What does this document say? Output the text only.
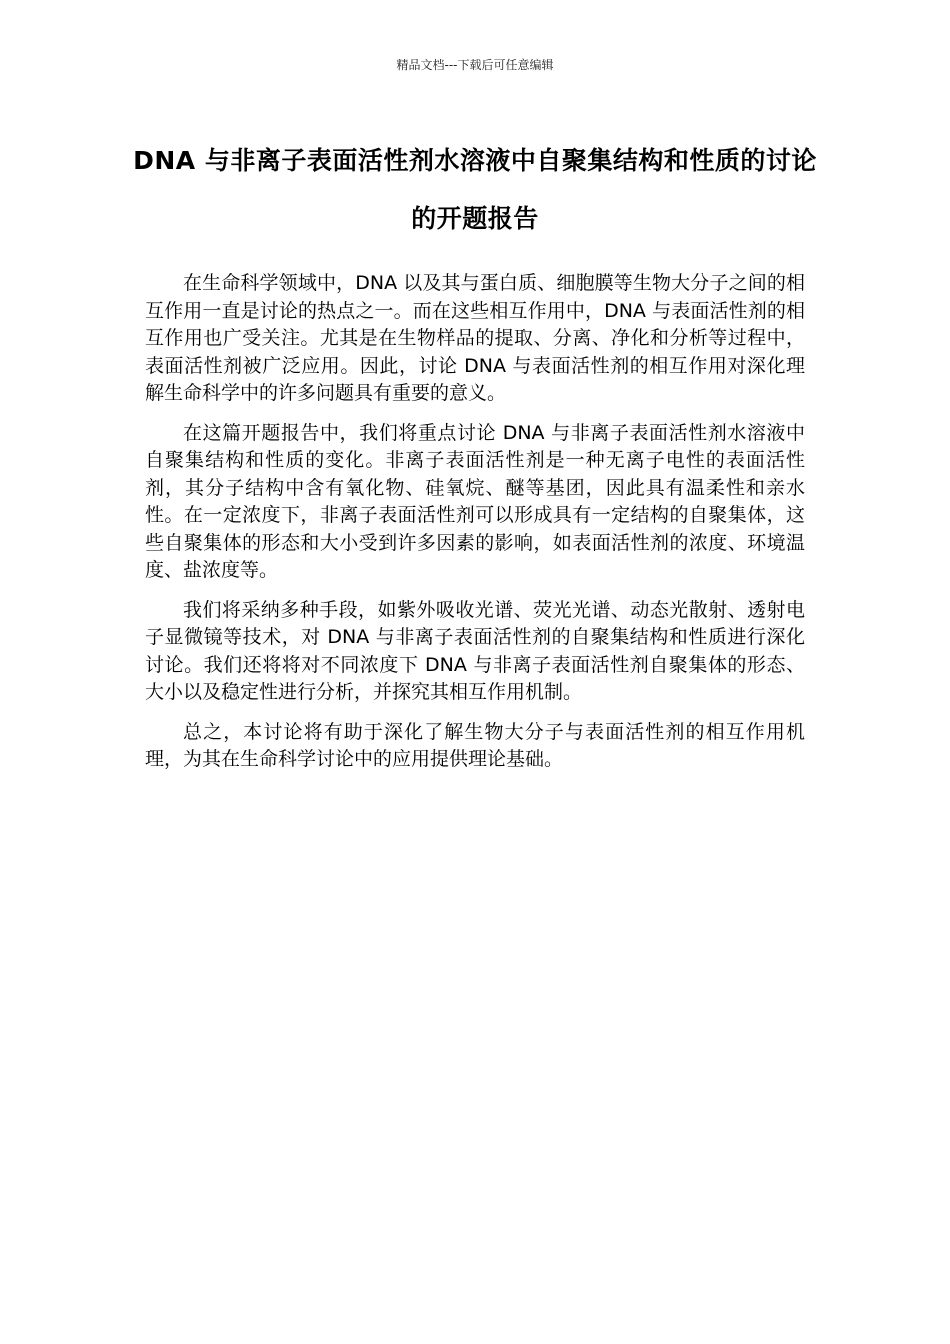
精品文档---下载后可任意编辑
DNA 与非离子表面活性剂水溶液中自聚集结构和性质的讨论的开题报告

在生命科学领域中，DNA 以及其与蛋白质、细胞膜等生物大分子之间的相互作用一直是讨论的热点之一。而在这些相互作用中，DNA 与表面活性剂的相互作用也广受关注。尤其是在生物样品的提取、分离、净化和分析等过程中，表面活性剂被广泛应用。因此，讨论 DNA 与表面活性剂的相互作用对深化理解生命科学中的许多问题具有重要的意义。

在这篇开题报告中，我们将重点讨论 DNA 与非离子表面活性剂水溶液中自聚集结构和性质的变化。非离子表面活性剂是一种无离子电性的表面活性剂，其分子结构中含有氧化物、硅氧烷、醚等基团，因此具有温柔性和亲水性。在一定浓度下，非离子表面活性剂可以形成具有一定结构的自聚集体，这些自聚集体的形态和大小受到许多因素的影响，如表面活性剂的浓度、环境温度、盐浓度等。

我们将采纳多种手段，如紫外吸收光谱、荧光光谱、动态光散射、透射电子显微镜等技术，对 DNA 与非离子表面活性剂的自聚集结构和性质进行深化讨论。我们还将将对不同浓度下 DNA 与非离子表面活性剂自聚集体的形态、大小以及稳定性进行分析，并探究其相互作用机制。

总之，本讨论将有助于深化了解生物大分子与表面活性剂的相互作用机理，为其在生命科学讨论中的应用提供理论基础。
